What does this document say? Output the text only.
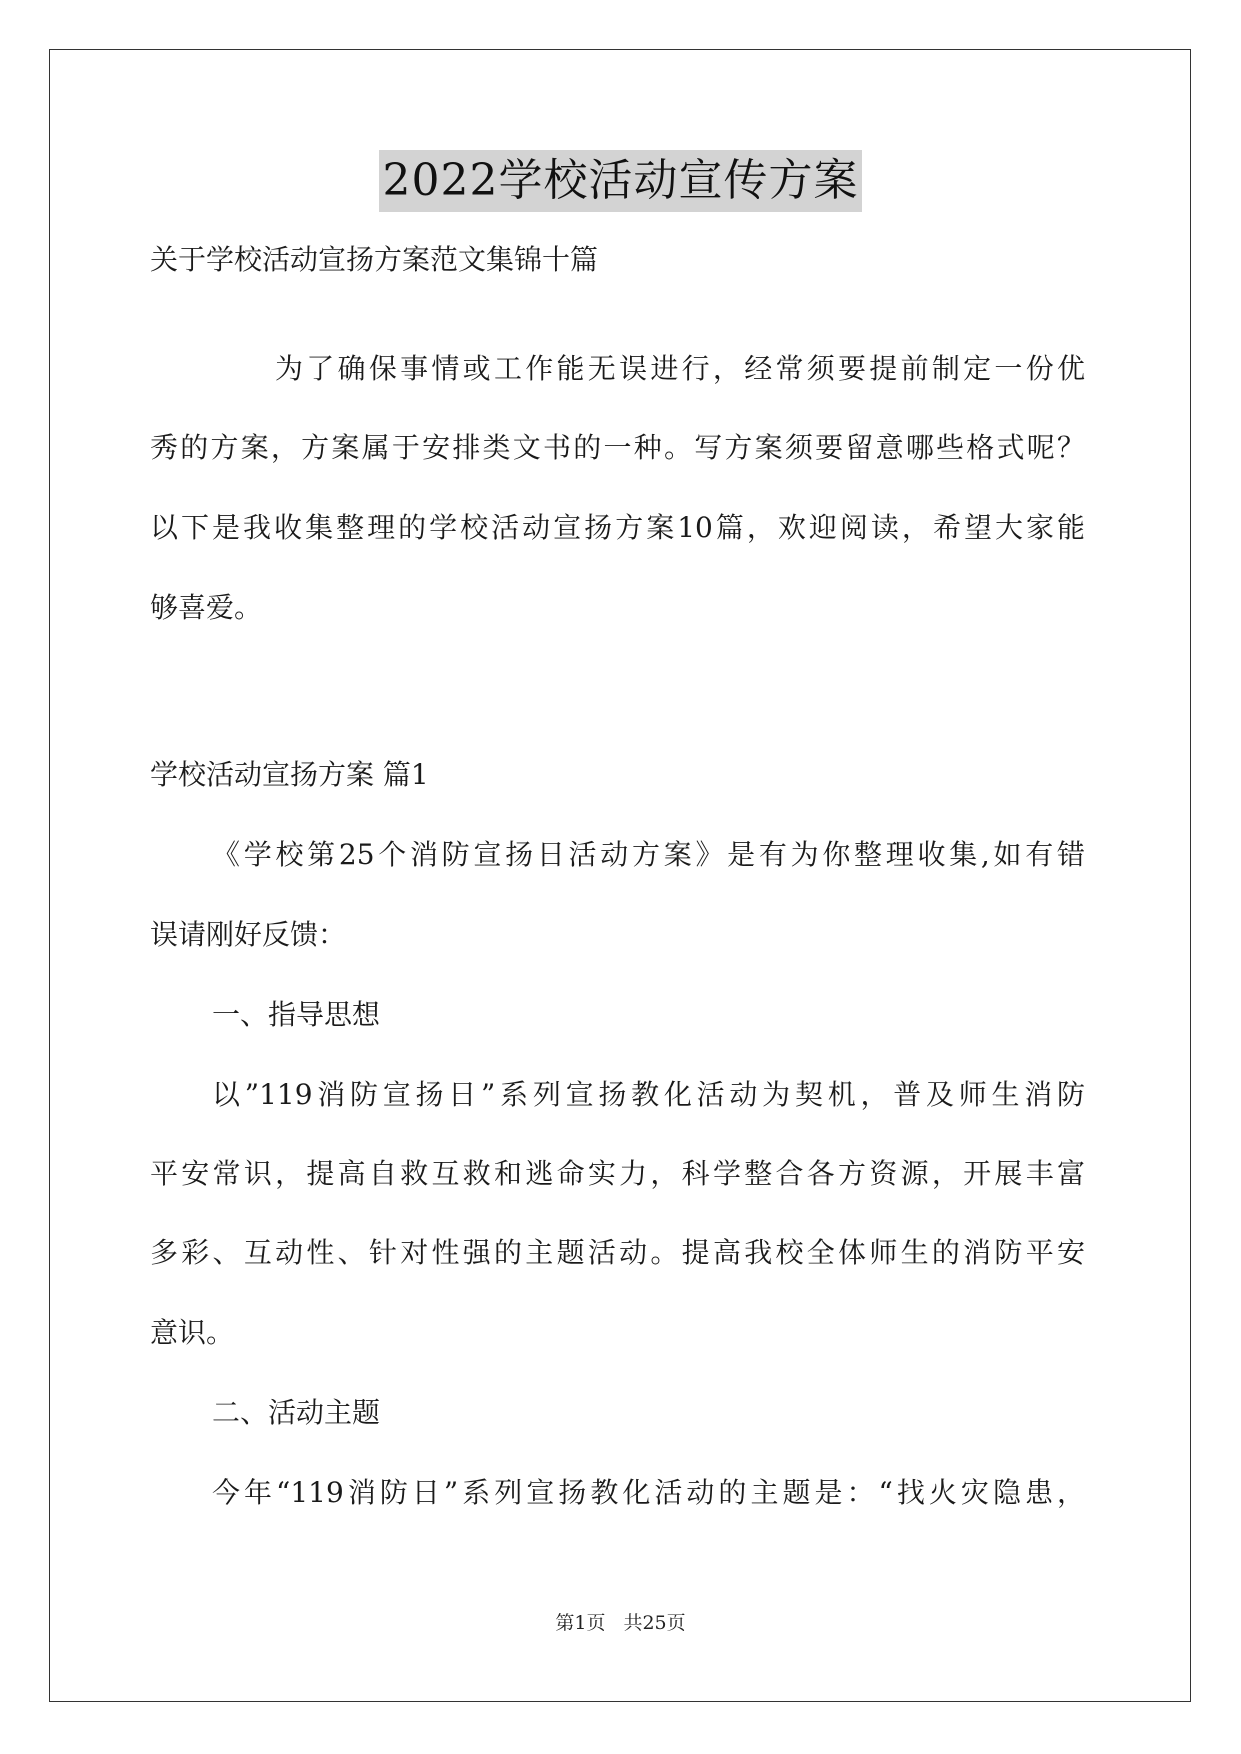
2022学校活动宣传方案
关于学校活动宣扬方案范文集锦十篇
为了确保事情或工作能无误进行，经常须要提前制定一份优
秀的方案，方案属于安排类文书的一种。写方案须要留意哪些格式呢？
以下是我收集整理的学校活动宣扬方案10篇，欢迎阅读，希望大家能
够喜爱。
学校活动宣扬方案 篇1
《学校第25个消防宣扬日活动方案》是有为你整理收集,如有错
误请刚好反馈：
一、指导思想
以”119消防宣扬日”系列宣扬教化活动为契机，普及师生消防
平安常识，提高自救互救和逃命实力，科学整合各方资源，开展丰富
多彩、互动性、针对性强的主题活动。提高我校全体师生的消防平安
意识。
二、活动主题
今年“119消防日”系列宣扬教化活动的主题是：“找火灾隐患，
第1页 共25页
